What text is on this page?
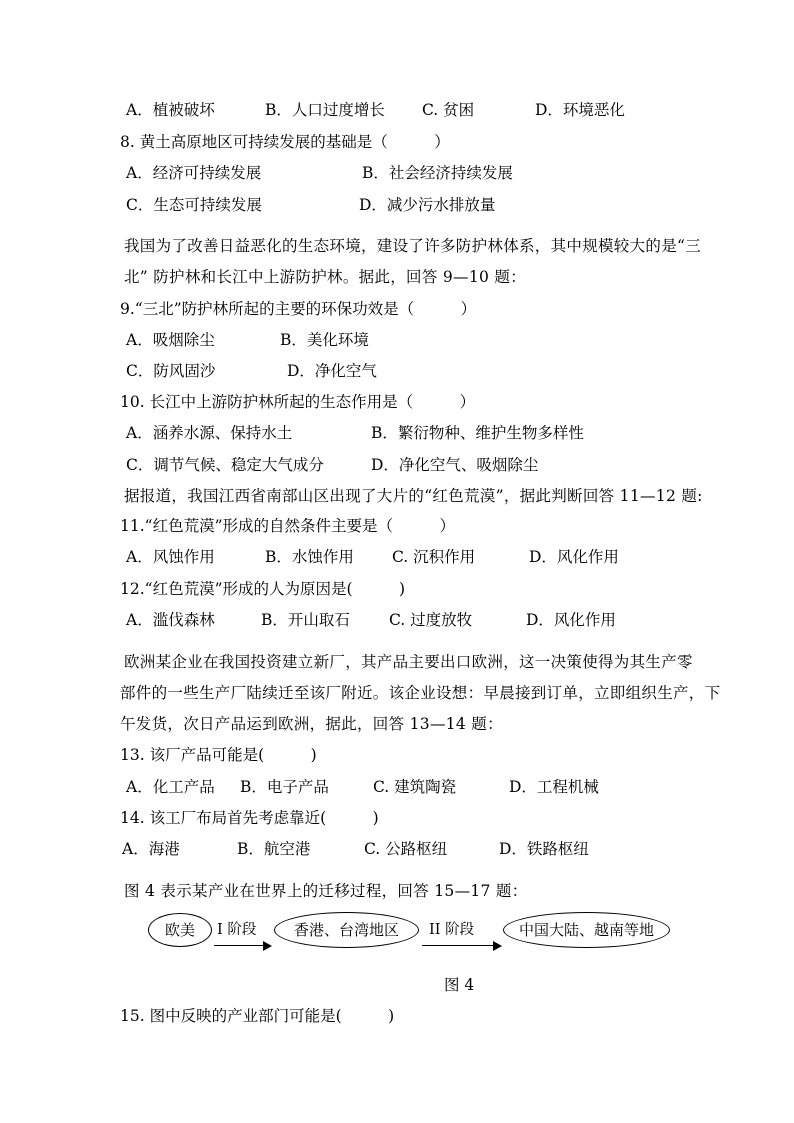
A．植被破坏	B．人口过度增长 C. 贫困	D．环境恶化
8. 黄土高原地区可持续发展的基础是（　　　）
A．经济可持续发展	B．社会经济持续发展
C．生态可持续发展	D．减少污水排放量
我国为了改善日益恶化的生态环境，建设了许多防护林体系，其中规模较大的是“三
北” 防护林和长江中上游防护林。据此，回答 9—10 题：
9.“三北”防护林所起的主要的环保功效是（　　　）
A．吸烟除尘	B．美化环境
C．防风固沙	D．净化空气
10. 长江中上游防护林所起的生态作用是（　　　）
A．涵养水源、保持水土	B．繁衍物种、维护生物多样性
C．调节气候、稳定大气成分	D．净化空气、吸烟除尘
据报道，我国江西省南部山区出现了大片的“红色荒漠”，据此判断回答 11—12 题:
11.“红色荒漠”形成的自然条件主要是（　　　）
A．风蚀作用	B．水蚀作用 C. 沉积作用	D．风化作用
12.“红色荒漠”形成的人为原因是(　　　)
A．滥伐森林	B．开山取石	C. 过度放牧	D．风化作用
欧洲某企业在我国投资建立新厂，其产品主要出口欧洲，这一决策使得为其生产零
部件的一些生产厂陆续迁至该厂附近。该企业设想：早晨接到订单，立即组织生产，下
午发货，次日产品运到欧洲，据此，回答 13—14 题：
13. 该厂产品可能是(　　　)
A．化工产品 B．电子产品	C. 建筑陶瓷	D．工程机械
14. 该工厂布局首先考虑靠近(　　　)
A．海港	B．航空港	C. 公路枢纽	D．铁路枢纽
图 4 表示某产业在世界上的迁移过程，回答 15—17 题：
欧美	I 阶段	香港、台湾地区	II 阶段	中国大陆、越南等地
图 4
15. 图中反映的产业部门可能是(　　　)
